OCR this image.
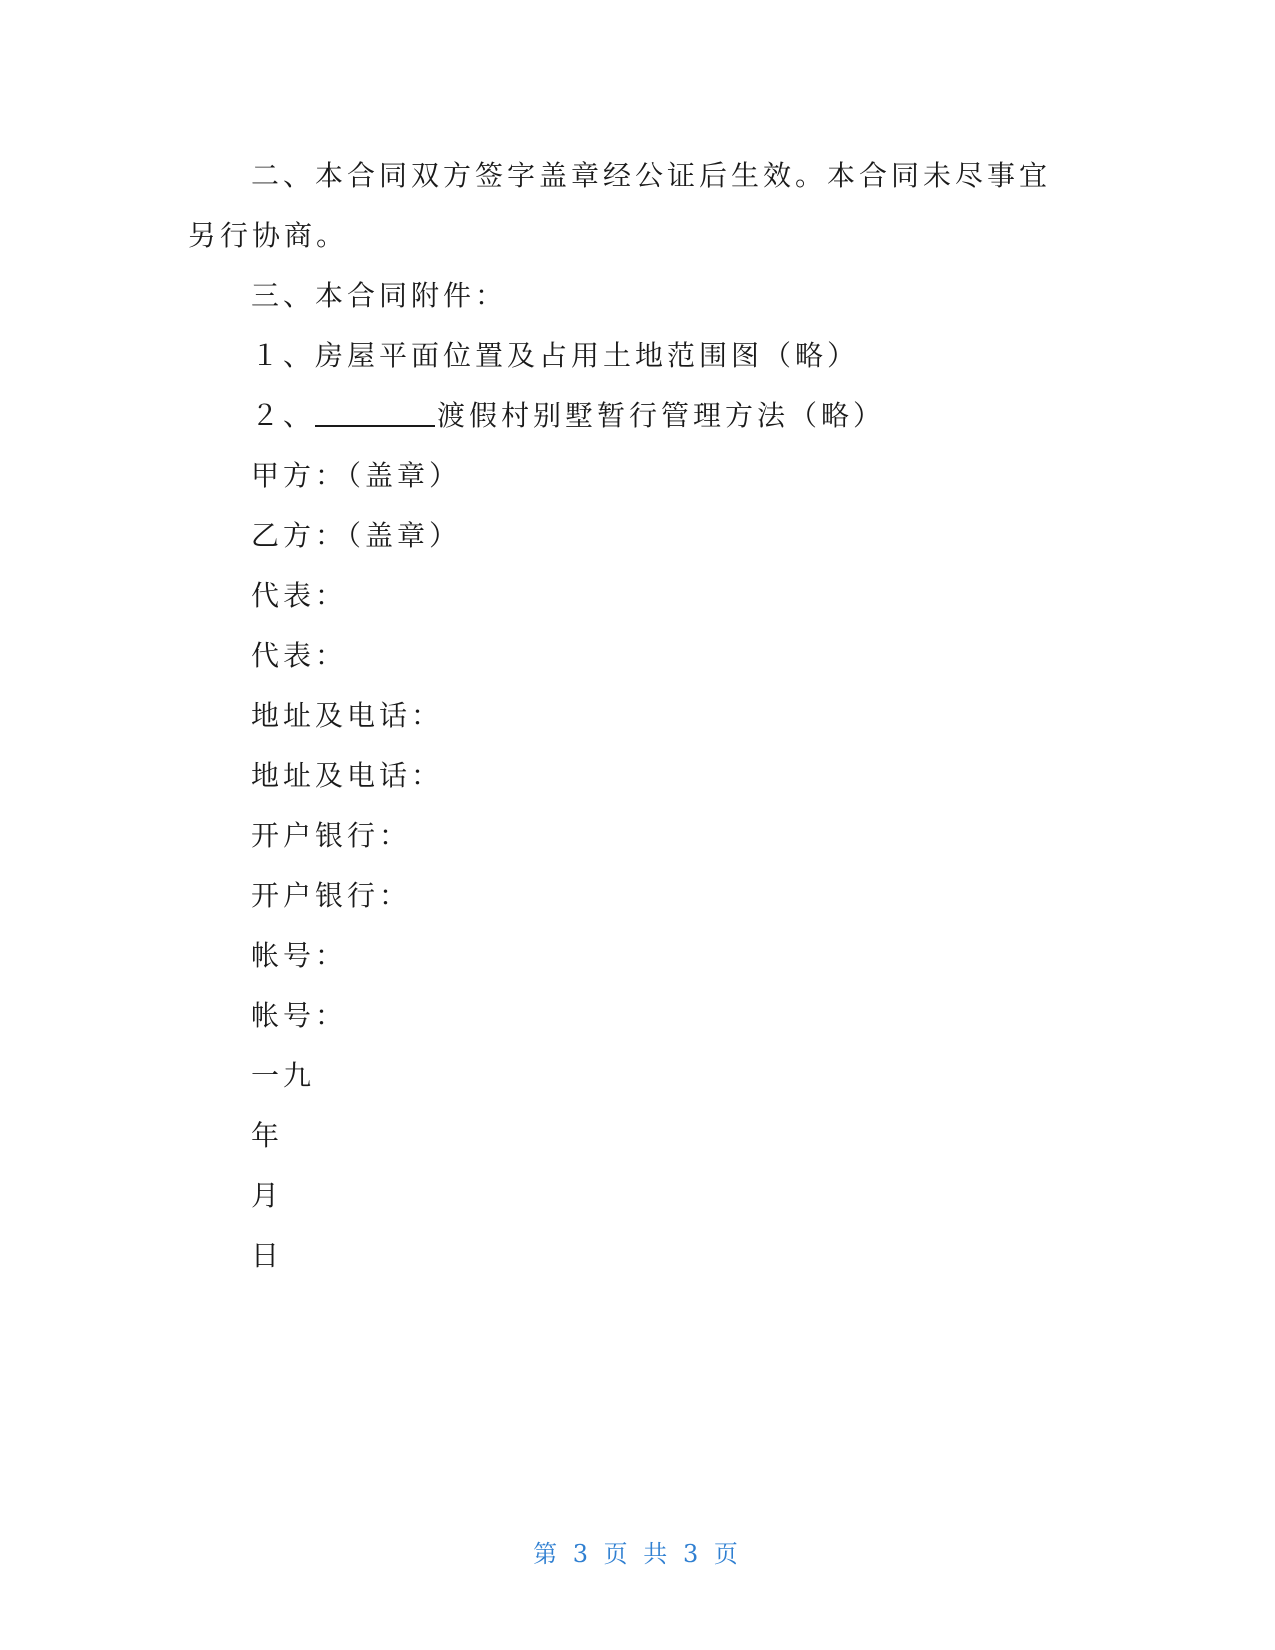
二、本合同双方签字盖章经公证后生效。本合同未尽事宜另行协商。
三、本合同附件：
１、房屋平面位置及占用土地范围图（略）
２、	渡假村别墅暂行管理方法（略）
甲方：（盖章）
乙方：（盖章）
代表：
代表：
地址及电话：
地址及电话：
开户银行：
开户银行：
帐号：
帐号：
一九
年
月
日
第 3 页 共 3 页
